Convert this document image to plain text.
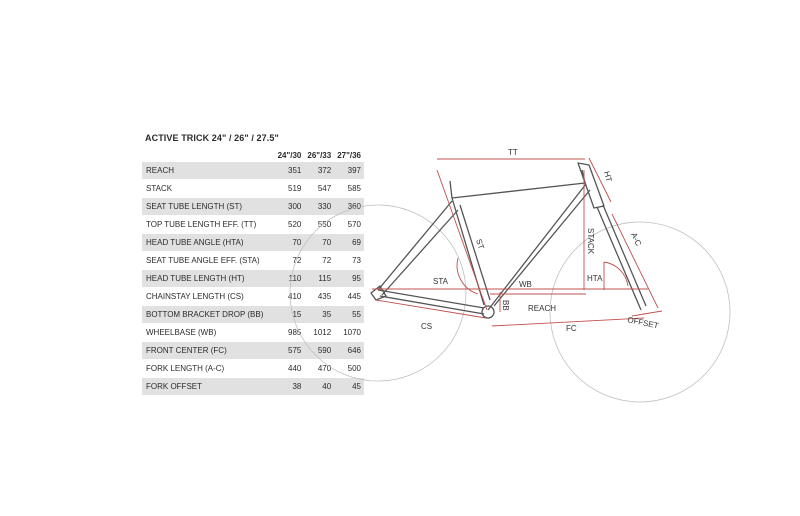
ACTIVE TRICK 24" / 26" / 27.5"
	24"/30	26"/33	27"/36
REACH	351	372	397
STACK	519	547	585
SEAT TUBE LENGTH (ST)	300	330	360
TOP TUBE LENGTH EFF. (TT)	520	550	570
HEAD TUBE ANGLE (HTA)	70	70	69
SEAT TUBE ANGLE EFF. (STA)	72	72	73
HEAD TUBE LENGTH (HT)	110	115	95
CHAINSTAY LENGTH (CS)	410	435	445
BOTTOM BRACKET DROP (BB)	15	35	55
WHEELBASE (WB)	985	1012	1070
FRONT CENTER (FC)	575	590	646
FORK LENGTH (A-C)	440	470	500
FORK OFFSET	38	40	45
TT
HT
ST	STACK	A-C
STA	HTA
WB
BB REACH
CS	FC	OFFSET
